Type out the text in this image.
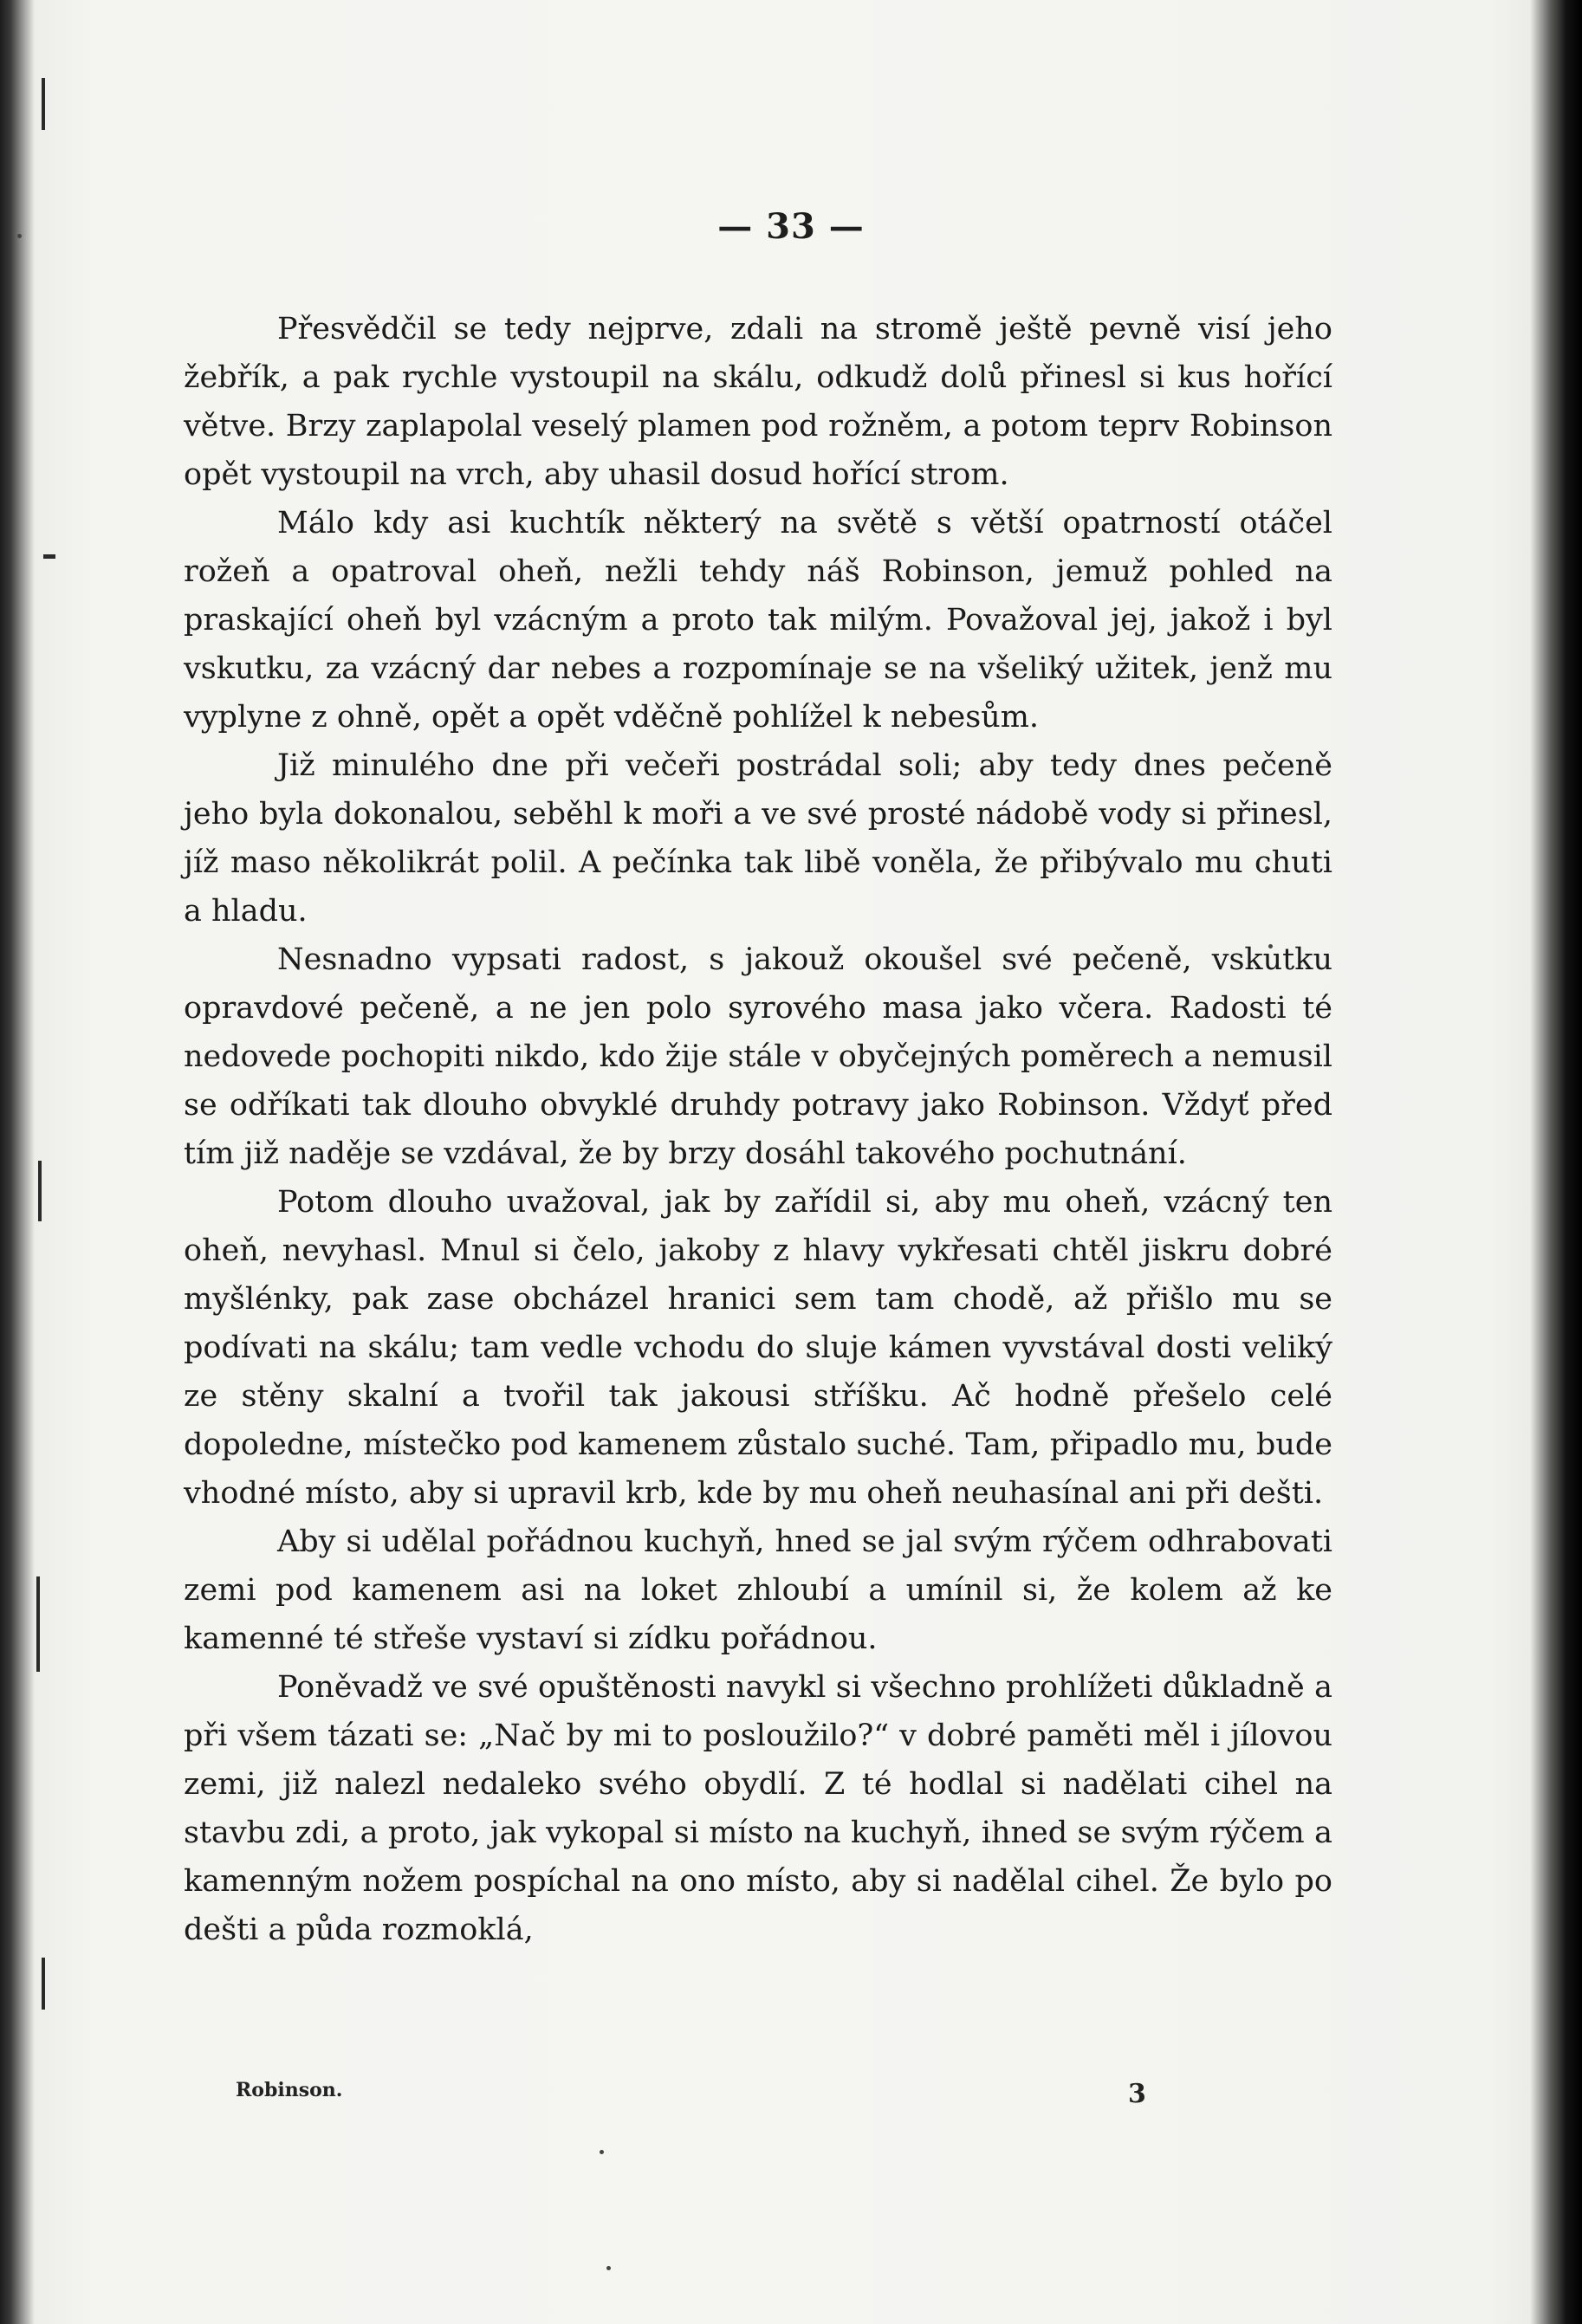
— 33 —

Přesvědčil se tedy nejprve, zdali na stromě ještě pevně visí jeho žebřík, a pak rychle vystoupil na skálu, odkudž dolů přinesl si kus hořící větve. Brzy zaplapolal veselý plamen pod rožněm, a potom teprv Robinson opět vystoupil na vrch, aby uhasil dosud hořící strom.

Málo kdy asi kuchtík některý na světě s větší opatrností otáčel rožeň a opatroval oheň, nežli tehdy náš Robinson, jemuž pohled na praskající oheň byl vzácným a proto tak milým. Považoval jej, jakož i byl vskutku, za vzácný dar nebes a rozpomínaje se na všeliký užitek, jenž mu vyplyne z ohně, opět a opět vděčně pohlížel k nebesům.

Již minulého dne při večeři postrádal soli; aby tedy dnes pečeně jeho byla dokonalou, seběhl k moři a ve své prosté nádobě vody si přinesl, jíž maso několikrát polil. A pečínka tak libě voněla, že přibývalo mu chuti a hladu.

Nesnadno vypsati radost, s jakouž okoušel své pečeně, vskutku opravdové pečeně, a ne jen polo syrového masa jako včera. Radosti té nedovede pochopiti nikdo, kdo žije stále v obyčejných poměrech a nemusil se odříkati tak dlouho obvyklé druhdy potravy jako Robinson. Vždyť před tím již naděje se vzdával, že by brzy dosáhl takového pochutnání.

Potom dlouho uvažoval, jak by zařídil si, aby mu oheň, vzácný ten oheň, nevyhasl. Mnul si čelo, jakoby z hlavy vykřesati chtěl jiskru dobré myšlénky, pak zase obcházel hranici sem tam chodě, až přišlo mu se podívati na skálu; tam vedle vchodu do sluje kámen vyvstával dosti veliký ze stěny skalní a tvořil tak jakousi stříšku. Ač hodně přešelo celé dopoledne, místečko pod kamenem zůstalo suché. Tam, připadlo mu, bude vhodné místo, aby si upravil krb, kde by mu oheň neuhasínal ani při dešti.

Aby si udělal pořádnou kuchyň, hned se jal svým rýčem odhrabovati zemi pod kamenem asi na loket zhloubí a umínil si, že kolem až ke kamenné té střeše vystaví si zídku pořádnou.

Poněvadž ve své opuštěnosti navykl si všechno prohlížeti důkladně a při všem tázati se: „Nač by mi to posloužilo?“ v dobré paměti měl i jílovou zemi, již nalezl nedaleko svého obydlí. Z té hodlal si nadělati cihel na stavbu zdi, a proto, jak vykopal si místo na kuchyň, ihned se svým rýčem a kamenným nožem pospíchal na ono místo, aby si nadělal cihel. Že bylo po dešti a půda rozmoklá,

Robinson.	3
